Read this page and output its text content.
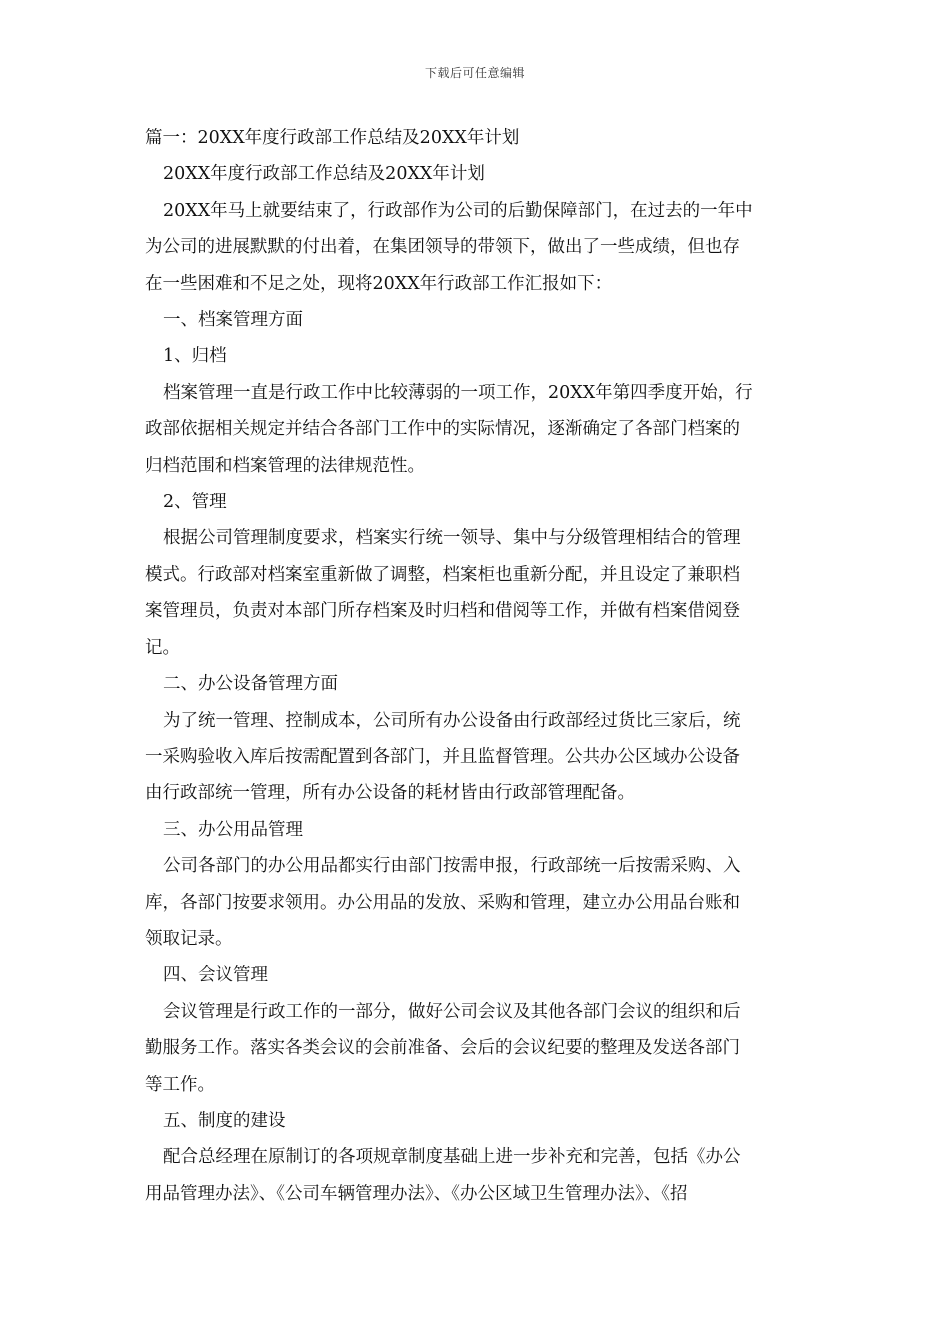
下载后可任意编辑

篇一：20XX年度行政部工作总结及20XX年计划

20XX年度行政部工作总结及20XX年计划

20XX年马上就要结束了，行政部作为公司的后勤保障部门，在过去的一年中

为公司的进展默默的付出着，在集团领导的带领下，做出了一些成绩，但也存

在一些困难和不足之处，现将20XX年行政部工作汇报如下：

一、档案管理方面

1、归档

档案管理一直是行政工作中比较薄弱的一项工作，20XX年第四季度开始，行

政部依据相关规定并结合各部门工作中的实际情况，逐渐确定了各部门档案的

归档范围和档案管理的法律规范性。

2、管理

根据公司管理制度要求，档案实行统一领导、集中与分级管理相结合的管理

模式。行政部对档案室重新做了调整，档案柜也重新分配，并且设定了兼职档

案管理员，负责对本部门所存档案及时归档和借阅等工作，并做有档案借阅登

记。

二、办公设备管理方面

为了统一管理、控制成本，公司所有办公设备由行政部经过货比三家后，统

一采购验收入库后按需配置到各部门，并且监督管理。公共办公区域办公设备

由行政部统一管理，所有办公设备的耗材皆由行政部管理配备。

三、办公用品管理

公司各部门的办公用品都实行由部门按需申报，行政部统一后按需采购、入

库，各部门按要求领用。办公用品的发放、采购和管理，建立办公用品台账和

领取记录。

四、会议管理

会议管理是行政工作的一部分，做好公司会议及其他各部门会议的组织和后

勤服务工作。落实各类会议的会前准备、会后的会议纪要的整理及发送各部门

等工作。

五、制度的建设

配合总经理在原制订的各项规章制度基础上进一步补充和完善，包括《办公

用品管理办法》、《公司车辆管理办法》、《办公区域卫生管理办法》、《招
